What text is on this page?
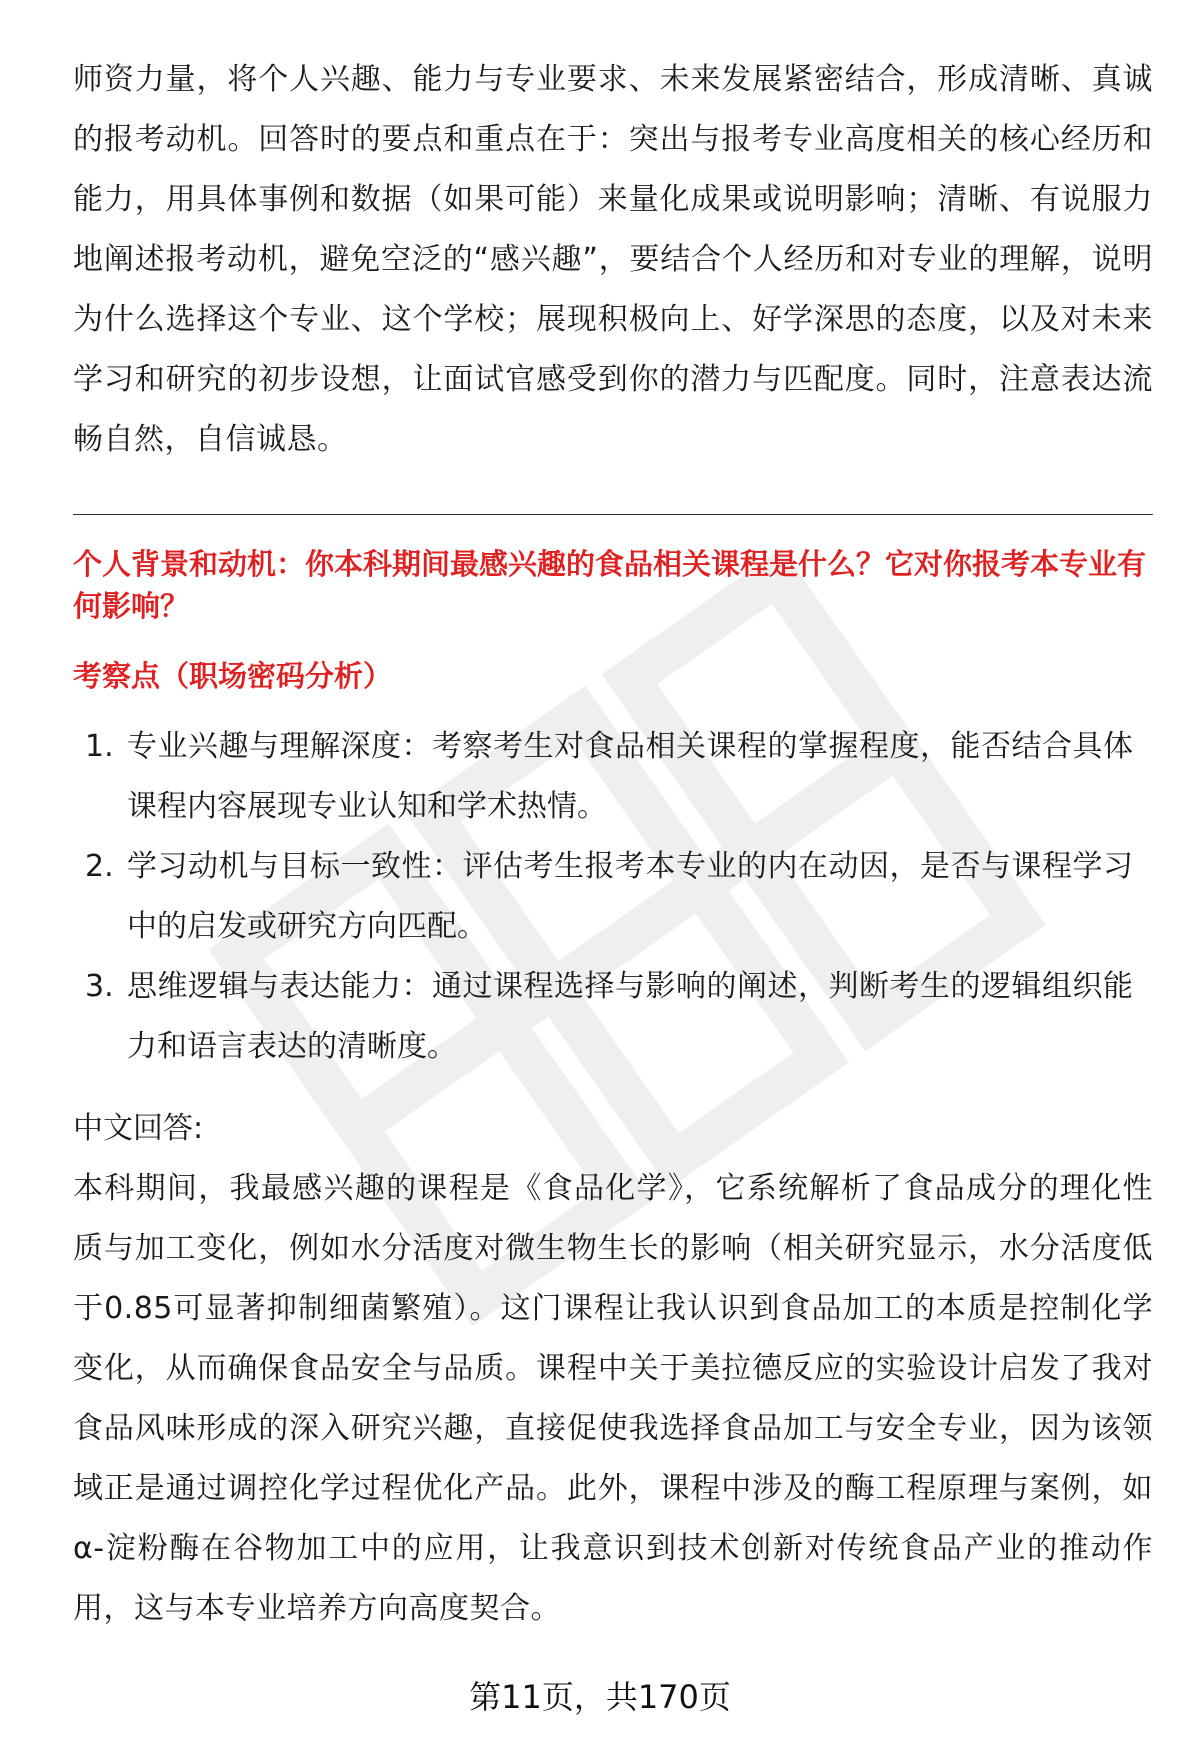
师资力量，将个人兴趣、能力与专业要求、未来发展紧密结合，形成清晰、真诚的报考动机。回答时的要点和重点在于：突出与报考专业高度相关的核心经历和能力，用具体事例和数据（如果可能）来量化成果或说明影响；清晰、有说服力地阐述报考动机，避免空泛的“感兴趣”，要结合个人经历和对专业的理解，说明为什么选择这个专业、这个学校；展现积极向上、好学深思的态度，以及对未来学习和研究的初步设想，让面试官感受到你的潜力与匹配度。同时，注意表达流畅自然，自信诚恳。

个人背景和动机：你本科期间最感兴趣的食品相关课程是什么？它对你报考本专业有何影响？

考察点（职场密码分析）

1. 专业兴趣与理解深度：考察考生对食品相关课程的掌握程度，能否结合具体课程内容展现专业认知和学术热情。
2. 学习动机与目标一致性：评估考生报考本专业的内在动因，是否与课程学习中的启发或研究方向匹配。
3. 思维逻辑与表达能力：通过课程选择与影响的阐述，判断考生的逻辑组织能力和语言表达的清晰度。

中文回答:

本科期间，我最感兴趣的课程是《食品化学》，它系统解析了食品成分的理化性质与加工变化，例如水分活度对微生物生长的影响（相关研究显示，水分活度低于0.85可显著抑制细菌繁殖）。这门课程让我认识到食品加工的本质是控制化学变化，从而确保食品安全与品质。课程中关于美拉德反应的实验设计启发了我对食品风味形成的深入研究兴趣，直接促使我选择食品加工与安全专业，因为该领域正是通过调控化学过程优化产品。此外，课程中涉及的酶工程原理与案例，如α-淀粉酶在谷物加工中的应用，让我意识到技术创新对传统食品产业的推动作用，这与本专业培养方向高度契合。

第11页，共170页
